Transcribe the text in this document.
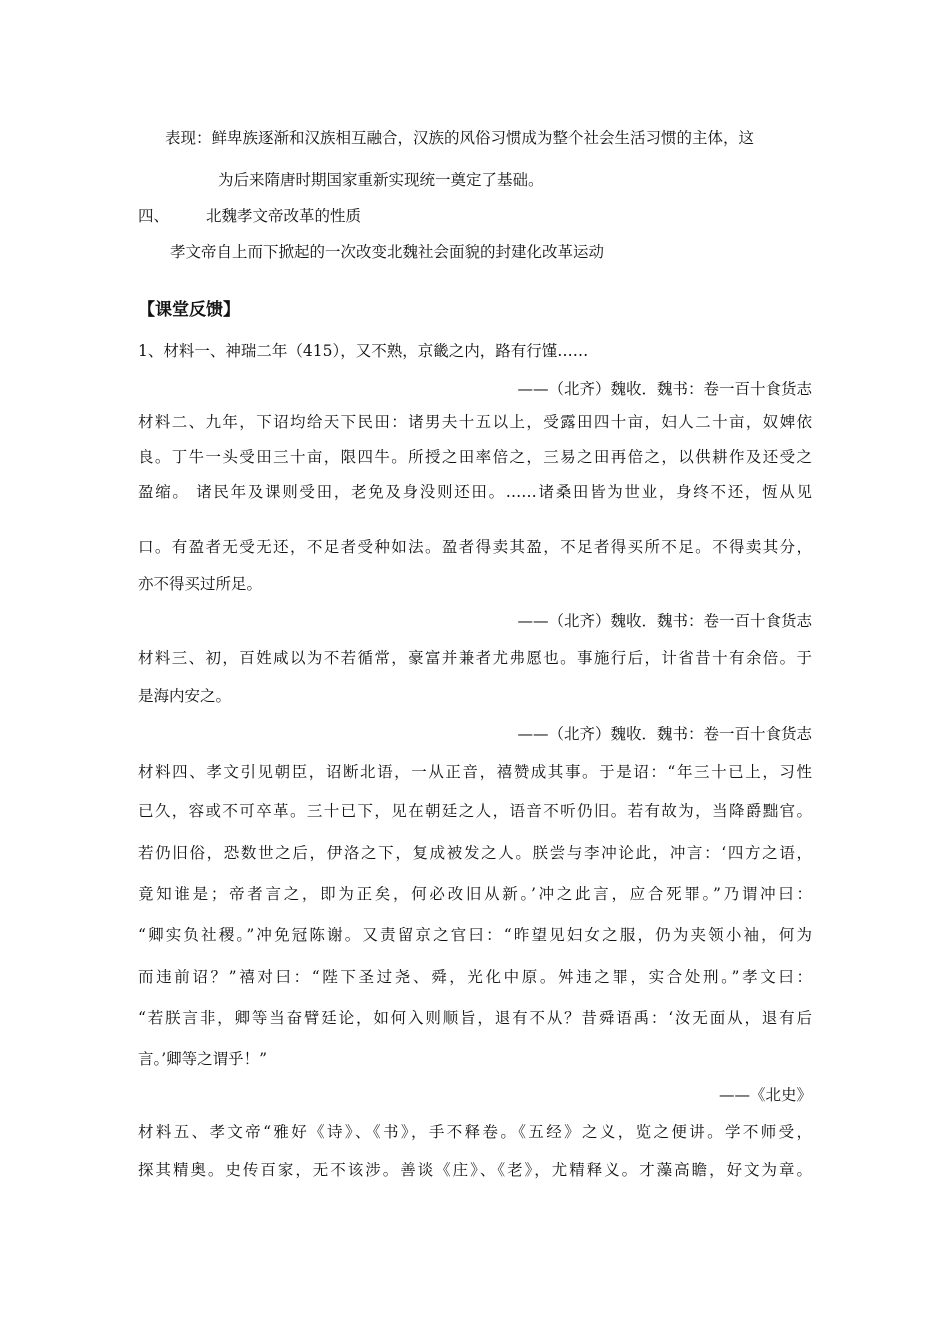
表现：鲜卑族逐渐和汉族相互融合，汉族的风俗习惯成为整个社会生活习惯的主体，这
为后来隋唐时期国家重新实现统一奠定了基础。
四、 北魏孝文帝改革的性质
孝文帝自上而下掀起的一次改变北魏社会面貌的封建化改革运动
【课堂反馈】
1、材料一、神瑞二年（415），又不熟，京畿之内，路有行馑……
——（北齐）魏收．魏书：卷一百十食货志
材料二、九年，下诏均给天下民田：诸男夫十五以上，受露田四十亩，妇人二十亩，奴婢依
良。丁牛一头受田三十亩，限四牛。所授之田率倍之，三易之田再倍之，以供耕作及还受之
盈缩。 诸民年及课则受田，老免及身没则还田。……诸桑田皆为世业，身终不还，恆从见
口。有盈者无受无还，不足者受种如法。盈者得卖其盈，不足者得买所不足。不得卖其分，
亦不得买过所足。
——（北齐）魏收．魏书：卷一百十食货志
材料三、初，百姓咸以为不若循常，豪富并兼者尤弗愿也。事施行后，计省昔十有余倍。于
是海内安之。
——（北齐）魏收．魏书：卷一百十食货志
材料四、孝文引见朝臣，诏断北语，一从正音，禧赞成其事。于是诏：“年三十已上，习性
已久，容或不可卒革。三十已下，见在朝廷之人，语音不听仍旧。若有故为，当降爵黜官。
若仍旧俗，恐数世之后，伊洛之下，复成被发之人。朕尝与李冲论此，冲言：‘四方之语，
竟知谁是；帝者言之，即为正矣，何必改旧从新。’冲之此言，应合死罪。”乃谓冲曰：
“卿实负社稷。”冲免冠陈谢。又责留京之官曰：“昨望见妇女之服，仍为夹领小袖，何为
而违前诏？”禧对曰：“陛下圣过尧、舜，光化中原。舛违之罪，实合处刑。”孝文曰：
“若朕言非，卿等当奋臂廷论，如何入则顺旨，退有不从？昔舜语禹：‘汝无面从，退有后
言。’卿等之谓乎！”
——《北史》
材料五、孝文帝“雅好《诗》、《书》，手不释卷。《五经》之义，览之便讲。学不师受，
探其精奥。史传百家，无不该涉。善谈《庄》、《老》，尤精释义。才藻高瞻，好文为章。
